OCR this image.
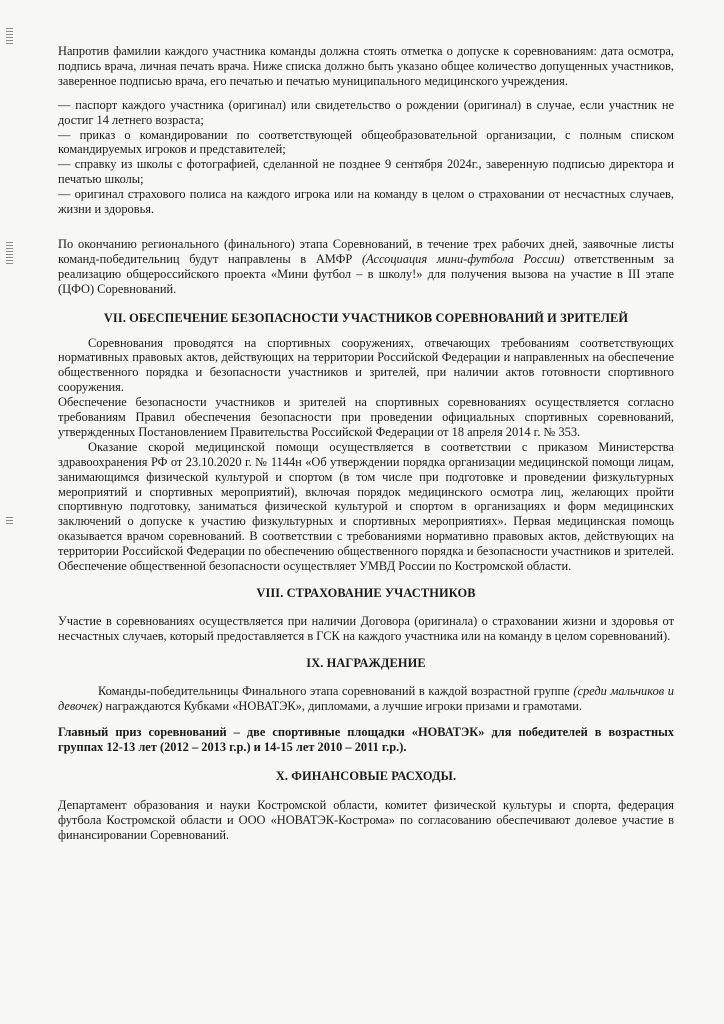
Напротив фамилии каждого участника команды должна стоять отметка о допуске к соревнованиям: дата осмотра, подпись врача, личная печать врача. Ниже списка должно быть указано общее количество допущенных участников, заверенное подписью врача, его печатью и печатью муниципального медицинского учреждения.

— паспорт каждого участника (оригинал) или свидетельство о рождении (оригинал) в случае, если участник не достиг 14 летнего возраста;

— приказ о командировании по соответствующей общеобразовательной организации, с полным списком командируемых игроков и представителей;

— справку из школы с фотографией, сделанной не позднее 9 сентября 2024г., заверенную подписью директора и печатью школы;

— оригинал страхового полиса на каждого игрока или на команду в целом о страховании от несчастных случаев, жизни и здоровья.

По окончанию регионального (финального) этапа Соревнований, в течение трех рабочих дней, заявочные листы команд-победительниц будут направлены в АМФР (Ассоциация мини-футбола России) ответственным за реализацию общероссийского проекта «Мини футбол – в школу!» для получения вызова на участие в III этапе (ЦФО) Соревнований.

VII. ОБЕСПЕЧЕНИЕ БЕЗОПАСНОСТИ УЧАСТНИКОВ СОРЕВНОВАНИЙ И ЗРИТЕЛЕЙ

Соревнования проводятся на спортивных сооружениях, отвечающих требованиям соответствующих нормативных правовых актов, действующих на территории Российской Федерации и направленных на обеспечение общественного порядка и безопасности участников и зрителей, при наличии актов готовности спортивного сооружения.

Обеспечение безопасности участников и зрителей на спортивных соревнованиях осуществляется согласно требованиям Правил обеспечения безопасности при проведении официальных спортивных соревнований, утвержденных Постановлением Правительства Российской Федерации от 18 апреля 2014 г. № 353.

Оказание скорой медицинской помощи осуществляется в соответствии с приказом Министерства здравоохранения РФ от 23.10.2020 г. № 1144н «Об утверждении порядка организации медицинской помощи лицам, занимающимся физической культурой и спортом (в том числе при подготовке и проведении физкультурных мероприятий и спортивных мероприятий), включая порядок медицинского осмотра лиц, желающих пройти спортивную подготовку, заниматься физической культурой и спортом в организациях и форм медицинских заключений о допуске к участию физкультурных и спортивных мероприятиях». Первая медицинская помощь оказывается врачом соревнований. В соответствии с требованиями нормативно правовых актов, действующих на территории Российской Федерации по обеспечению общественного порядка и безопасности участников и зрителей. Обеспечение общественной безопасности осуществляет УМВД России по Костромской области.

VIII. СТРАХОВАНИЕ УЧАСТНИКОВ

Участие в соревнованиях осуществляется при наличии Договора (оригинала) о страховании жизни и здоровья от несчастных случаев, который предоставляется в ГСК на каждого участника или на команду в целом соревнований).

IX. НАГРАЖДЕНИЕ

Команды-победительницы Финального этапа соревнований в каждой возрастной группе (среди мальчиков и девочек) награждаются Кубками «НОВАТЭК», дипломами, а лучшие игроки призами и грамотами.

Главный приз соревнований – две спортивные площадки «НОВАТЭК» для победителей в возрастных группах 12-13 лет (2012 – 2013 г.р.) и 14-15 лет 2010 – 2011 г.р.).

X. ФИНАНСОВЫЕ РАСХОДЫ.

Департамент образования и науки Костромской области, комитет физической культуры и спорта, федерация футбола Костромской области и ООО «НОВАТЭК-Кострома» по согласованию обеспечивают долевое участие в финансировании Соревнований.
